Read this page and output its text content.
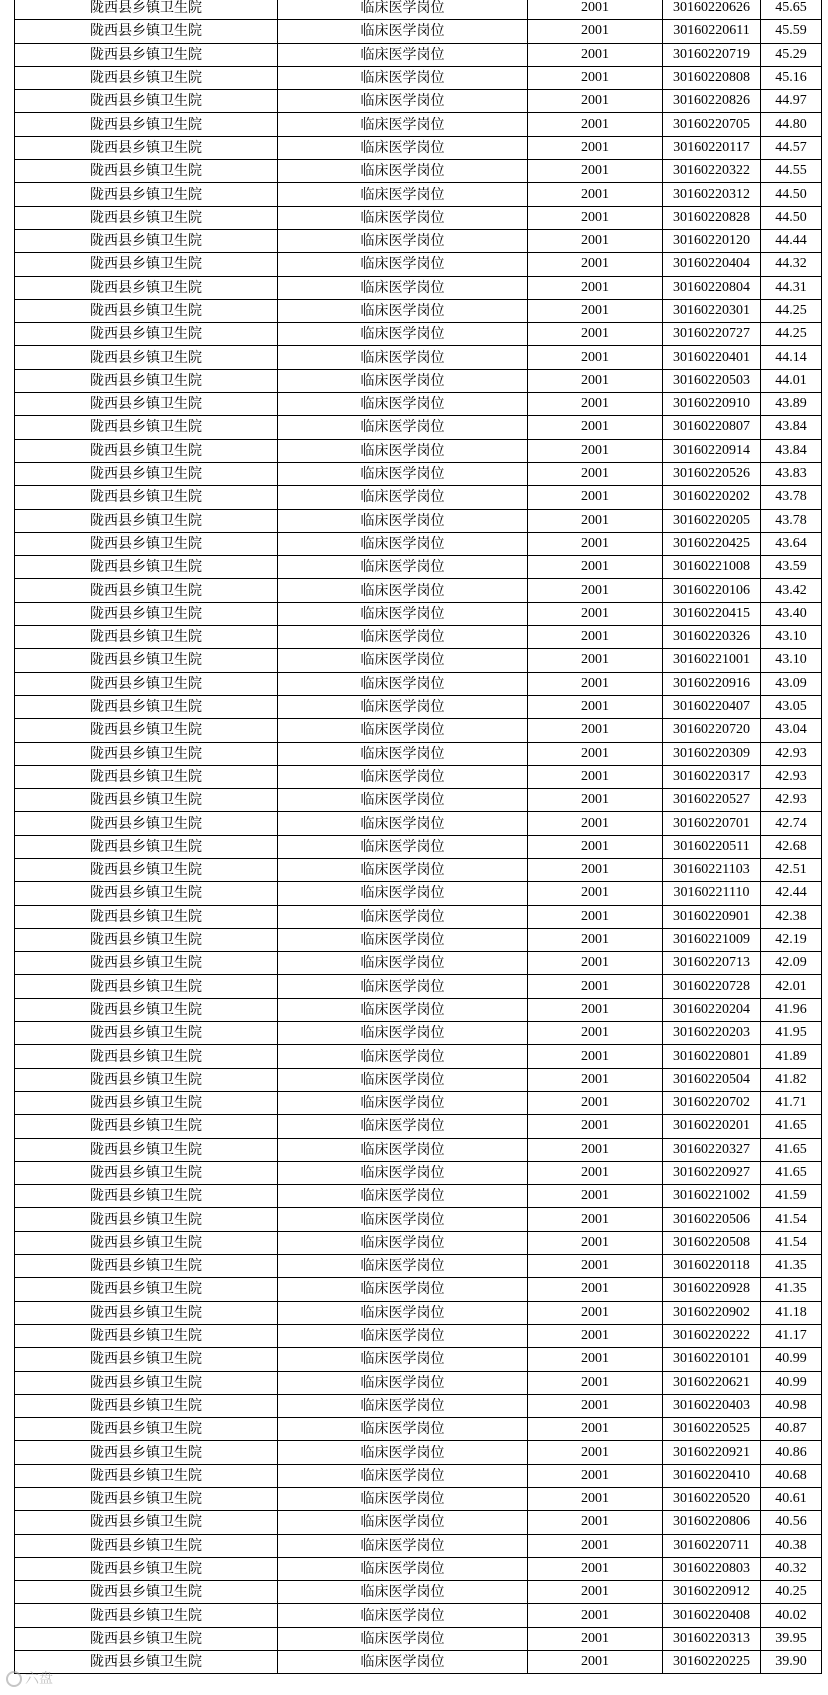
陇西县乡镇卫生院	临床医学岗位	2001	30160220626	45.65
陇西县乡镇卫生院	临床医学岗位	2001	30160220611	45.59
陇西县乡镇卫生院	临床医学岗位	2001	30160220719	45.29
陇西县乡镇卫生院	临床医学岗位	2001	30160220808	45.16
陇西县乡镇卫生院	临床医学岗位	2001	30160220826	44.97
陇西县乡镇卫生院	临床医学岗位	2001	30160220705	44.80
陇西县乡镇卫生院	临床医学岗位	2001	30160220117	44.57
陇西县乡镇卫生院	临床医学岗位	2001	30160220322	44.55
陇西县乡镇卫生院	临床医学岗位	2001	30160220312	44.50
陇西县乡镇卫生院	临床医学岗位	2001	30160220828	44.50
陇西县乡镇卫生院	临床医学岗位	2001	30160220120	44.44
陇西县乡镇卫生院	临床医学岗位	2001	30160220404	44.32
陇西县乡镇卫生院	临床医学岗位	2001	30160220804	44.31
陇西县乡镇卫生院	临床医学岗位	2001	30160220301	44.25
陇西县乡镇卫生院	临床医学岗位	2001	30160220727	44.25
陇西县乡镇卫生院	临床医学岗位	2001	30160220401	44.14
陇西县乡镇卫生院	临床医学岗位	2001	30160220503	44.01
陇西县乡镇卫生院	临床医学岗位	2001	30160220910	43.89
陇西县乡镇卫生院	临床医学岗位	2001	30160220807	43.84
陇西县乡镇卫生院	临床医学岗位	2001	30160220914	43.84
陇西县乡镇卫生院	临床医学岗位	2001	30160220526	43.83
陇西县乡镇卫生院	临床医学岗位	2001	30160220202	43.78
陇西县乡镇卫生院	临床医学岗位	2001	30160220205	43.78
陇西县乡镇卫生院	临床医学岗位	2001	30160220425	43.64
陇西县乡镇卫生院	临床医学岗位	2001	30160221008	43.59
陇西县乡镇卫生院	临床医学岗位	2001	30160220106	43.42
陇西县乡镇卫生院	临床医学岗位	2001	30160220415	43.40
陇西县乡镇卫生院	临床医学岗位	2001	30160220326	43.10
陇西县乡镇卫生院	临床医学岗位	2001	30160221001	43.10
陇西县乡镇卫生院	临床医学岗位	2001	30160220916	43.09
陇西县乡镇卫生院	临床医学岗位	2001	30160220407	43.05
陇西县乡镇卫生院	临床医学岗位	2001	30160220720	43.04
陇西县乡镇卫生院	临床医学岗位	2001	30160220309	42.93
陇西县乡镇卫生院	临床医学岗位	2001	30160220317	42.93
陇西县乡镇卫生院	临床医学岗位	2001	30160220527	42.93
陇西县乡镇卫生院	临床医学岗位	2001	30160220701	42.74
陇西县乡镇卫生院	临床医学岗位	2001	30160220511	42.68
陇西县乡镇卫生院	临床医学岗位	2001	30160221103	42.51
陇西县乡镇卫生院	临床医学岗位	2001	30160221110	42.44
陇西县乡镇卫生院	临床医学岗位	2001	30160220901	42.38
陇西县乡镇卫生院	临床医学岗位	2001	30160221009	42.19
陇西县乡镇卫生院	临床医学岗位	2001	30160220713	42.09
陇西县乡镇卫生院	临床医学岗位	2001	30160220728	42.01
陇西县乡镇卫生院	临床医学岗位	2001	30160220204	41.96
陇西县乡镇卫生院	临床医学岗位	2001	30160220203	41.95
陇西县乡镇卫生院	临床医学岗位	2001	30160220801	41.89
陇西县乡镇卫生院	临床医学岗位	2001	30160220504	41.82
陇西县乡镇卫生院	临床医学岗位	2001	30160220702	41.71
陇西县乡镇卫生院	临床医学岗位	2001	30160220201	41.65
陇西县乡镇卫生院	临床医学岗位	2001	30160220327	41.65
陇西县乡镇卫生院	临床医学岗位	2001	30160220927	41.65
陇西县乡镇卫生院	临床医学岗位	2001	30160221002	41.59
陇西县乡镇卫生院	临床医学岗位	2001	30160220506	41.54
陇西县乡镇卫生院	临床医学岗位	2001	30160220508	41.54
陇西县乡镇卫生院	临床医学岗位	2001	30160220118	41.35
陇西县乡镇卫生院	临床医学岗位	2001	30160220928	41.35
陇西县乡镇卫生院	临床医学岗位	2001	30160220902	41.18
陇西县乡镇卫生院	临床医学岗位	2001	30160220222	41.17
陇西县乡镇卫生院	临床医学岗位	2001	30160220101	40.99
陇西县乡镇卫生院	临床医学岗位	2001	30160220621	40.99
陇西县乡镇卫生院	临床医学岗位	2001	30160220403	40.98
陇西县乡镇卫生院	临床医学岗位	2001	30160220525	40.87
陇西县乡镇卫生院	临床医学岗位	2001	30160220921	40.86
陇西县乡镇卫生院	临床医学岗位	2001	30160220410	40.68
陇西县乡镇卫生院	临床医学岗位	2001	30160220520	40.61
陇西县乡镇卫生院	临床医学岗位	2001	30160220806	40.56
陇西县乡镇卫生院	临床医学岗位	2001	30160220711	40.38
陇西县乡镇卫生院	临床医学岗位	2001	30160220803	40.32
陇西县乡镇卫生院	临床医学岗位	2001	30160220912	40.25
陇西县乡镇卫生院	临床医学岗位	2001	30160220408	40.02
陇西县乡镇卫生院	临床医学岗位	2001	30160220313	39.95
陇西县乡镇卫生院	临床医学岗位	2001	30160220225	39.90
六盘
